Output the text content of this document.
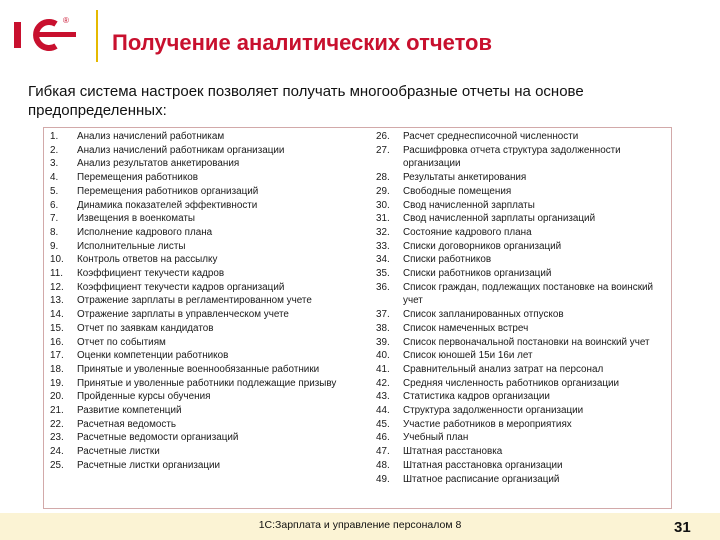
1С	®
Получение аналитических отчетов
Гибкая система настроек позволяет получать многообразные отчеты на основе предопределенных:
1.	Анализ начислений работникам
2.	Анализ начислений работникам организации
3.	Анализ результатов анкетирования
4.	Перемещения работников
5.	Перемещения работников организаций
6.	Динамика показателей эффективности
7.	Извещения в военкоматы
8.	Исполнение кадрового плана
9.	Исполнительные листы
10.	Контроль ответов на рассылку
11.	Коэффициент текучести кадров
12.	Коэффициент текучести кадров организаций
13.	Отражение зарплаты в регламентированном учете
14.	Отражение зарплаты в управленческом учете
15.	Отчет по заявкам кандидатов
16.	Отчет по событиям
17.	Оценки компетенции работников
18.	Принятые и уволенные военнообязанные работники
19.	Принятые и уволенные работники подлежащие призыву
20.	Пройденные курсы обучения
21.	Развитие компетенций
22.	Расчетная ведомость
23.	Расчетные ведомости организаций
24.	Расчетные листки
25.	Расчетные листки организации
26.	Расчет среднесписочной численности
27.	Расшифровка отчета структура задолженности организации
28.	Результаты анкетирования
29.	Свободные помещения
30.	Свод начисленной зарплаты
31.	Свод начисленной зарплаты организаций
32.	Состояние кадрового плана
33.	Списки договорников организаций
34.	Списки работников
35.	Списки работников организаций
36.	Список граждан, подлежащих постановке на воинский учет
37.	Список запланированных отпусков
38.	Список намеченных встреч
39.	Список первоначальной постановки на воинский учет
40.	Список юношей 15и 16и лет
41.	Сравнительный анализ затрат на персонал
42.	Средняя численность работников организации
43.	Статистика кадров организации
44.	Структура задолженности организации
45.	Участие работников в мероприятиях
46.	Учебный план
47.	Штатная расстановка
48.	Штатная расстановка организации
49.	Штатное расписание организаций
1С:Зарплата и управление персоналом 8	31
